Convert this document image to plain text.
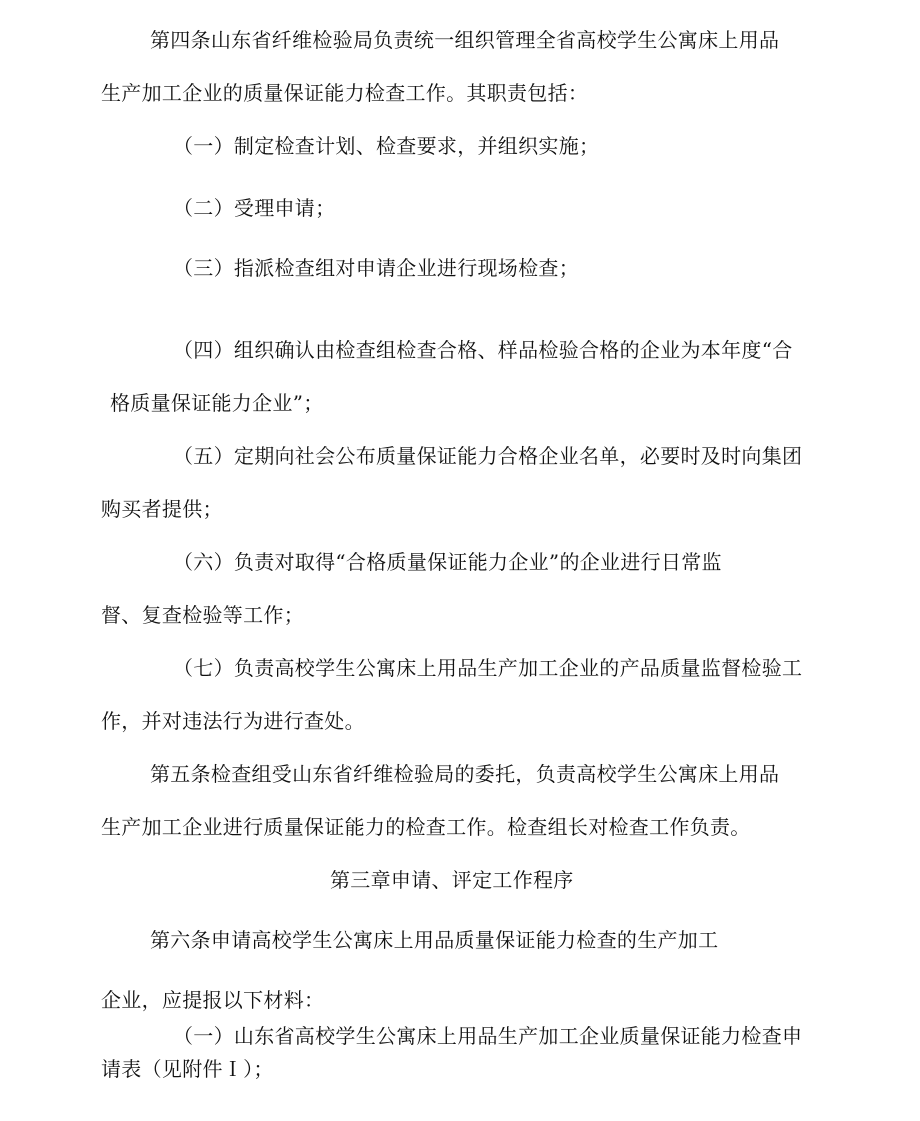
第四条山东省纤维检验局负责统一组织管理全省高校学生公寓床上用品

生产加工企业的质量保证能力检查工作。其职责包括：

（一）制定检查计划、检查要求，并组织实施；

（二）受理申请；

（三）指派检查组对申请企业进行现场检查；

（四）组织确认由检查组检查合格、样品检验合格的企业为本年度“合

格质量保证能力企业”；

（五）定期向社会公布质量保证能力合格企业名单，必要时及时向集团

购买者提供；

（六）负责对取得“合格质量保证能力企业”的企业进行日常监

督、复查检验等工作；

（七）负责高校学生公寓床上用品生产加工企业的产品质量监督检验工

作，并对违法行为进行查处。

第五条检查组受山东省纤维检验局的委托，负责高校学生公寓床上用品

生产加工企业进行质量保证能力的检查工作。检查组长对检查工作负责。

第三章申请、评定工作程序

第六条申请高校学生公寓床上用品质量保证能力检查的生产加工

企业，应提报以下材料：

（一）山东省高校学生公寓床上用品生产加工企业质量保证能力检查申

请表（见附件Ｉ）；
